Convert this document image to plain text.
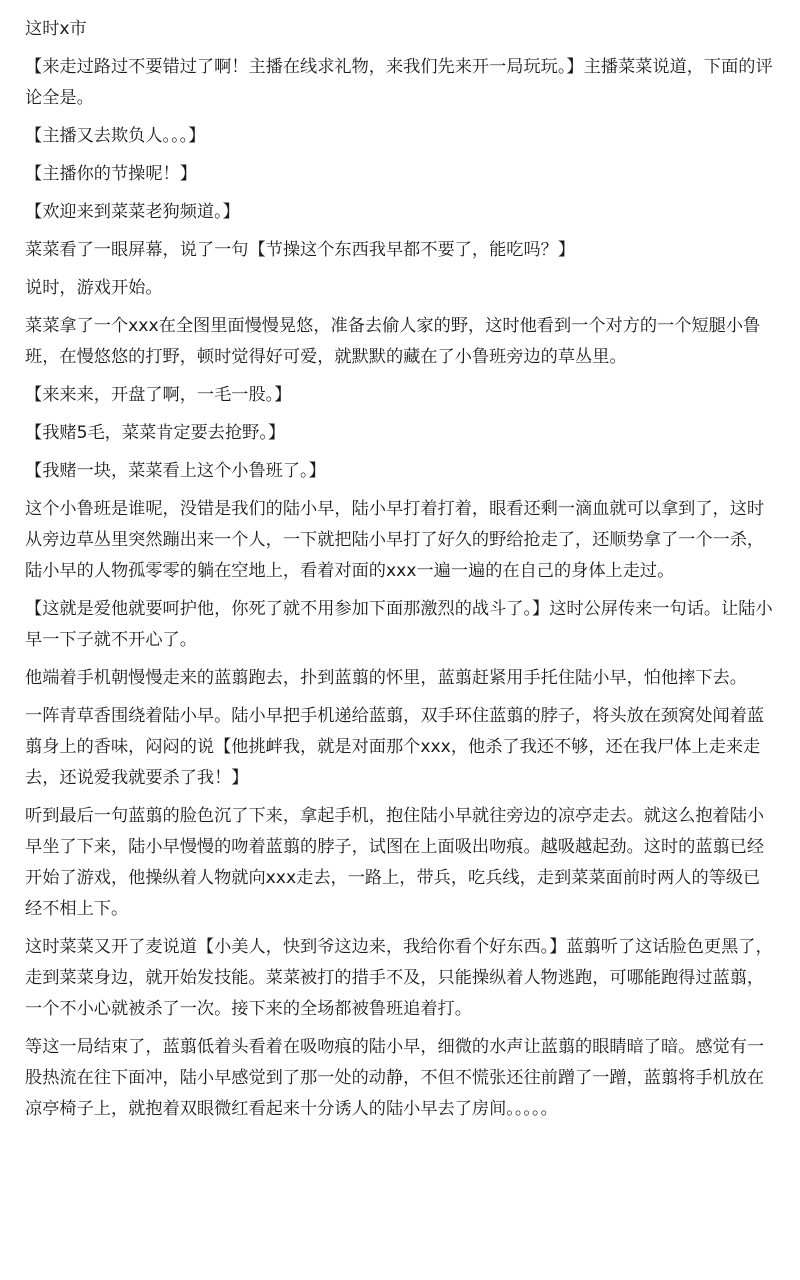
这时x市

【来走过路过不要错过了啊！主播在线求礼物，来我们先来开一局玩玩。】主播菜菜说道，下面的评论全是。

【主播又去欺负人。。。】

【主播你的节操呢！】

【欢迎来到菜菜老狗频道。】

菜菜看了一眼屏幕，说了一句【节操这个东西我早都不要了，能吃吗？】

说时，游戏开始。

菜菜拿了一个xxx在全图里面慢慢晃悠，准备去偷人家的野，这时他看到一个对方的一个短腿小鲁班，在慢悠悠的打野，顿时觉得好可爱，就默默的藏在了小鲁班旁边的草丛里。

【来来来，开盘了啊，一毛一股。】

【我赌5毛，菜菜肯定要去抢野。】

【我赌一块，菜菜看上这个小鲁班了。】

这个小鲁班是谁呢，没错是我们的陆小早，陆小早打着打着，眼看还剩一滴血就可以拿到了，这时从旁边草丛里突然蹦出来一个人，一下就把陆小早打了好久的野给抢走了，还顺势拿了一个一杀，陆小早的人物孤零零的躺在空地上，看着对面的xxx一遍一遍的在自己的身体上走过。

【这就是爱他就要呵护他，你死了就不用参加下面那激烈的战斗了。】这时公屏传来一句话。让陆小早一下子就不开心了。

他端着手机朝慢慢走来的蓝翦跑去，扑到蓝翦的怀里，蓝翦赶紧用手托住陆小早，怕他摔下去。

一阵青草香围绕着陆小早。陆小早把手机递给蓝翦，双手环住蓝翦的脖子，将头放在颈窝处闻着蓝翦身上的香味，闷闷的说【他挑衅我，就是对面那个xxx，他杀了我还不够，还在我尸体上走来走去，还说爱我就要杀了我！】

听到最后一句蓝翦的脸色沉了下来，拿起手机，抱住陆小早就往旁边的凉亭走去。就这么抱着陆小早坐了下来，陆小早慢慢的吻着蓝翦的脖子，试图在上面吸出吻痕。越吸越起劲。这时的蓝翦已经开始了游戏，他操纵着人物就向xxx走去，一路上，带兵，吃兵线，走到菜菜面前时两人的等级已经不相上下。

这时菜菜又开了麦说道【小美人，快到爷这边来，我给你看个好东西。】蓝翦听了这话脸色更黑了，走到菜菜身边，就开始发技能。菜菜被打的措手不及，只能操纵着人物逃跑，可哪能跑得过蓝翦，一个不小心就被杀了一次。接下来的全场都被鲁班追着打。

等这一局结束了，蓝翦低着头看着在吸吻痕的陆小早，细微的水声让蓝翦的眼睛暗了暗。感觉有一股热流在往下面冲，陆小早感觉到了那一处的动静，不但不慌张还往前蹭了一蹭，蓝翦将手机放在凉亭椅子上，就抱着双眼微红看起来十分诱人的陆小早去了房间。。。。。
